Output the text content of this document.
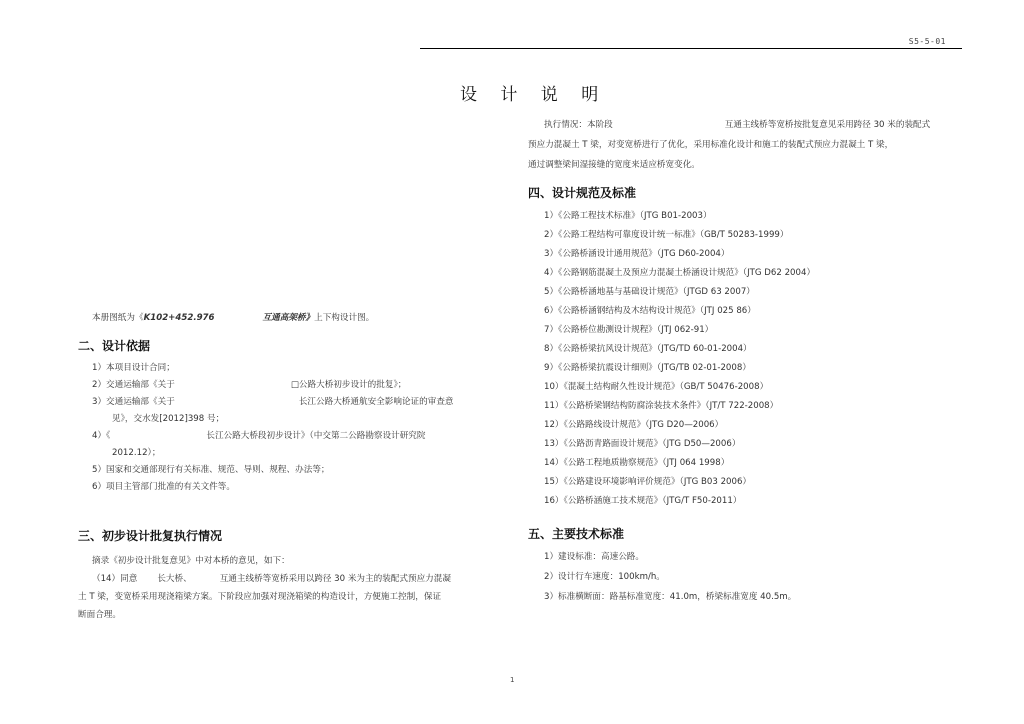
S5-5-01
设 计 说 明

本册图纸为《K102+452.976	互通高架桥》上下构设计图。

二、设计依据

1）本项目设计合同；

2）交通运输部《关于	□公路大桥初步设计的批复》；

3）交通运输部《关于	长江公路大桥通航安全影响论证的审查意

见》，交水发[2012]398 号；

4）《	长江公路大桥段初步设计》（中交第二公路勘察设计研究院

2012.12）；

5）国家和交通部现行有关标准、规范、导则、规程、办法等；

6）项目主管部门批准的有关文件等。

三、初步设计批复执行情况

摘录《初步设计批复意见》中对本桥的意见，如下：

（14）同意 长大桥、	互通主线桥等宽桥采用以跨径 30 米为主的装配式预应力混凝

土 T 梁，变宽桥采用现浇箱梁方案。下阶段应加强对现浇箱梁的构造设计，方便施工控制，保证

断面合理。

执行情况：本阶段	互通主线桥等宽桥按批复意见采用跨径 30 米的装配式

预应力混凝土 T 梁，对变宽桥进行了优化，采用标准化设计和施工的装配式预应力混凝土 T 梁，

通过调整梁间湿接缝的宽度来适应桥宽变化。

四、设计规范及标准

1）《公路工程技术标准》（JTG B01-2003）

2）《公路工程结构可靠度设计统一标准》（GB/T 50283-1999）

3）《公路桥涵设计通用规范》（JTG D60-2004）

4）《公路钢筋混凝土及预应力混凝土桥涵设计规范》（JTG D62 2004）

5）《公路桥涵地基与基础设计规范》（JTGD 63 2007）

6）《公路桥涵钢结构及木结构设计规范》（JTJ 025 86）

7）《公路桥位勘测设计规程》（JTJ 062-91）

8）《公路桥梁抗风设计规范》（JTG/TD 60-01-2004）

9）《公路桥梁抗震设计细则》（JTG/TB 02-01-2008）

10）《混凝土结构耐久性设计规范》（GB/T 50476-2008）

11）《公路桥梁钢结构防腐涂装技术条件》（JT/T 722-2008）

12）《公路路线设计规范》（JTG D20—2006）

13）《公路沥青路面设计规范》（JTG D50—2006）

14）《公路工程地质勘察规范》（JTJ 064 1998）

15）《公路建设环境影响评价规范》（JTG B03 2006）

16）《公路桥涵施工技术规范》（JTG/T F50-2011）

五、主要技术标准

1）建设标准：高速公路。

2）设计行车速度：100km/h。

3）标准横断面：路基标准宽度：41.0m，桥梁标准宽度 40.5m。

1
